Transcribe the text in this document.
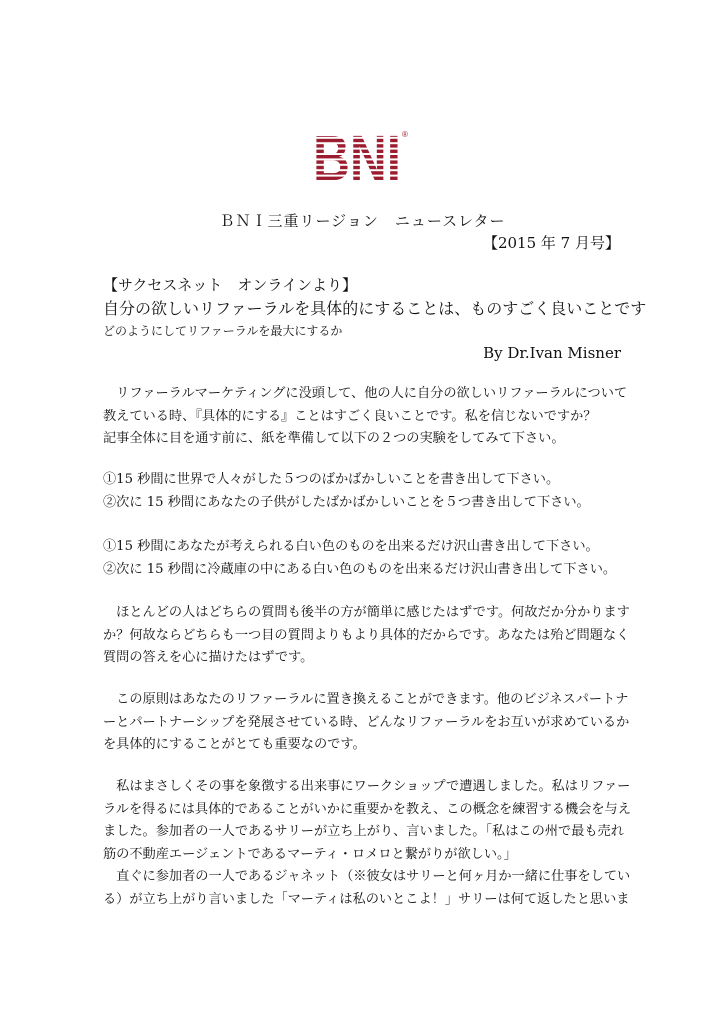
BNI ®
ＢＮＩ三重リージョン　ニュースレター
【2015 年 7 月号】
【サクセスネット　オンラインより】
自分の欲しいリファーラルを具体的にすることは、ものすごく良いことです
どのようにしてリファーラルを最大にするか
By Dr.Ivan Misner
　リファーラルマーケティングに没頭して、他の人に自分の欲しいリファーラルについて
教えている時、『具体的にする』ことはすごく良いことです。私を信じないですか？
記事全体に目を通す前に、紙を準備して以下の２つの実験をしてみて下さい。
①15 秒間に世界で人々がした５つのばかばかしいことを書き出して下さい。
②次に 15 秒間にあなたの子供がしたばかばかしいことを５つ書き出して下さい。
①15 秒間にあなたが考えられる白い色のものを出来るだけ沢山書き出して下さい。
②次に 15 秒間に冷蔵庫の中にある白い色のものを出来るだけ沢山書き出して下さい。
　ほとんどの人はどちらの質問も後半の方が簡単に感じたはずです。何故だか分かります
か？何故ならどちらも一つ目の質問よりもより具体的だからです。あなたは殆ど問題なく
質問の答えを心に描けたはずです。
　この原則はあなたのリファーラルに置き換えることができます。他のビジネスパートナ
ーとパートナーシップを発展させている時、どんなリファーラルをお互いが求めているか
を具体的にすることがとても重要なのです。
　私はまさしくその事を象徴する出来事にワークショップで遭遇しました。私はリファー
ラルを得るには具体的であることがいかに重要かを教え、この概念を練習する機会を与え
ました。参加者の一人であるサリーが立ち上がり、言いました。「私はこの州で最も売れ
筋の不動産エージェントであるマーティ・ロメロと繋がりが欲しい。」
　直ぐに参加者の一人であるジャネット（※彼女はサリーと何ヶ月か一緒に仕事をしてい
る）が立ち上がり言いました「マーティは私のいとこよ！」サリーは何て返したと思いま
